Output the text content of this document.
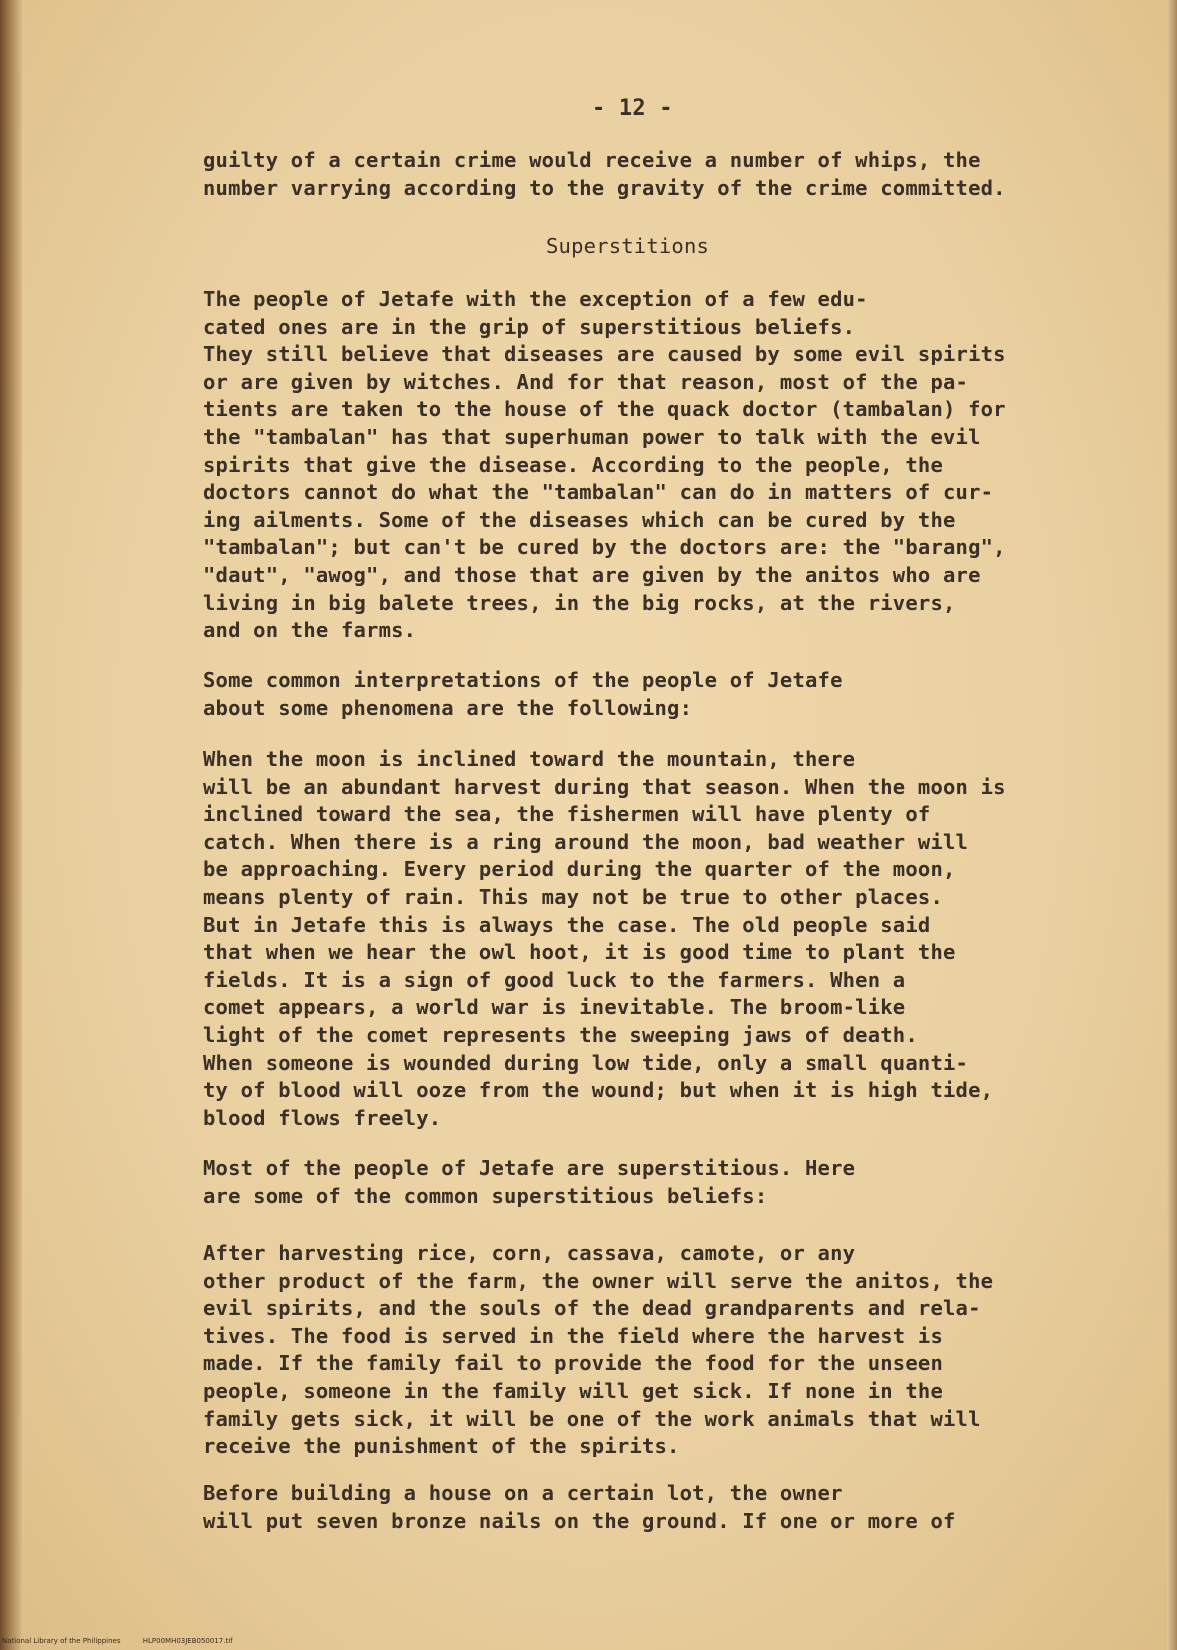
- 12 -

guilty of a certain crime would receive a number of whips, the
number varrying according to the gravity of the crime committed.

Superstitions

The people of Jetafe with the exception of a few edu-
cated ones are in the grip of superstitious beliefs.
They still believe that diseases are caused by some evil spirits
or are given by witches. And for that reason, most of the pa-
tients are taken to the house of the quack doctor (tambalan) for
the "tambalan" has that superhuman power to talk with the evil
spirits that give the disease. According to the people, the
doctors cannot do what the "tambalan" can do in matters of cur-
ing ailments. Some of the diseases which can be cured by the
"tambalan"; but can't be cured by the doctors are: the "barang",
"daut", "awog", and those that are given by the anitos who are
living in big balete trees, in the big rocks, at the rivers,
and on the farms.
Some common interpretations of the people of Jetafe
about some phenomena are the following:
When the moon is inclined toward the mountain, there
will be an abundant harvest during that season. When the moon is
inclined toward the sea, the fishermen will have plenty of
catch. When there is a ring around the moon, bad weather will
be approaching. Every period during the quarter of the moon,
means plenty of rain. This may not be true to other places.
But in Jetafe this is always the case. The old people said
that when we hear the owl hoot, it is good time to plant the
fields. It is a sign of good luck to the farmers. When a
comet appears, a world war is inevitable. The broom-like
light of the comet represents the sweeping jaws of death.
When someone is wounded during low tide, only a small quanti-
ty of blood will ooze from the wound; but when it is high tide,
blood flows freely.
Most of the people of Jetafe are superstitious. Here
are some of the common superstitious beliefs:
After harvesting rice, corn, cassava, camote, or any
other product of the farm, the owner will serve the anitos, the
evil spirits, and the souls of the dead grandparents and rela-
tives. The food is served in the field where the harvest is
made. If the family fail to provide the food for the unseen
people, someone in the family will get sick. If none in the
family gets sick, it will be one of the work animals that will
receive the punishment of the spirits.
Before building a house on a certain lot, the owner
will put seven bronze nails on the ground. If one or more of
National Library of the Philippines	HLP00MH03JEB050017.tif
